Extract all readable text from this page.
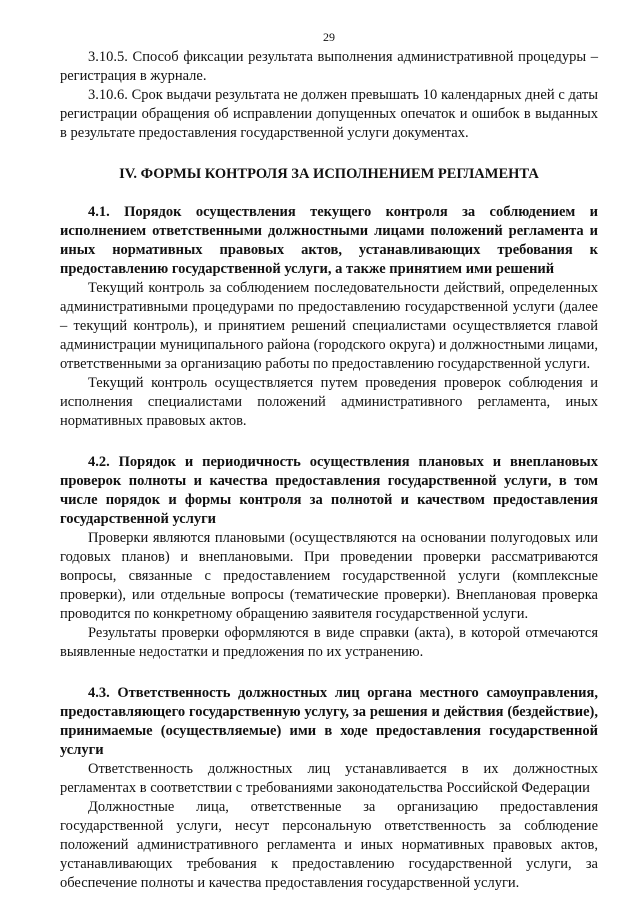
29

3.10.5. Способ фиксации результата выполнения административной процедуры – регистрация в журнале.

3.10.6. Срок выдачи результата не должен превышать 10 календарных дней с даты регистрации обращения об исправлении допущенных опечаток и ошибок в выданных в результате предоставления государственной услуги документах.

IV. ФОРМЫ КОНТРОЛЯ ЗА ИСПОЛНЕНИЕМ РЕГЛАМЕНТА

4.1. Порядок осуществления текущего контроля за соблюдением и исполнением ответственными должностными лицами положений регламента и иных нормативных правовых актов, устанавливающих требования к предоставлению государственной услуги, а также принятием ими решений

Текущий контроль за соблюдением последовательности действий, определенных административными процедурами по предоставлению государственной услуги (далее – текущий контроль), и принятием решений специалистами осуществляется главой администрации муниципального района (городского округа) и должностными лицами, ответственными за организацию работы по предоставлению государственной услуги.

Текущий контроль осуществляется путем проведения проверок соблюдения и исполнения специалистами положений административного регламента, иных нормативных правовых актов.

4.2. Порядок и периодичность осуществления плановых и внеплановых проверок полноты и качества предоставления государственной услуги, в том числе порядок и формы контроля за полнотой и качеством предоставления государственной услуги

Проверки являются плановыми (осуществляются на основании полугодовых или годовых планов) и внеплановыми. При проведении проверки рассматриваются вопросы, связанные с предоставлением государственной услуги (комплексные проверки), или отдельные вопросы (тематические проверки). Внеплановая проверка проводится по конкретному обращению заявителя государственной услуги.

Результаты проверки оформляются в виде справки (акта), в которой отмечаются выявленные недостатки и предложения по их устранению.

4.3. Ответственность должностных лиц органа местного самоуправления, предоставляющего государственную услугу, за решения и действия (бездействие), принимаемые (осуществляемые) ими в ходе предоставления государственной услуги

Ответственность должностных лиц устанавливается в их должностных регламентах в соответствии с требованиями законодательства Российской Федерации

Должностные лица, ответственные за организацию предоставления государственной услуги, несут персональную ответственность за соблюдение положений административного регламента и иных нормативных правовых актов, устанавливающих требования к предоставлению государственной услуги, за обеспечение полноты и качества предоставления государственной услуги.
